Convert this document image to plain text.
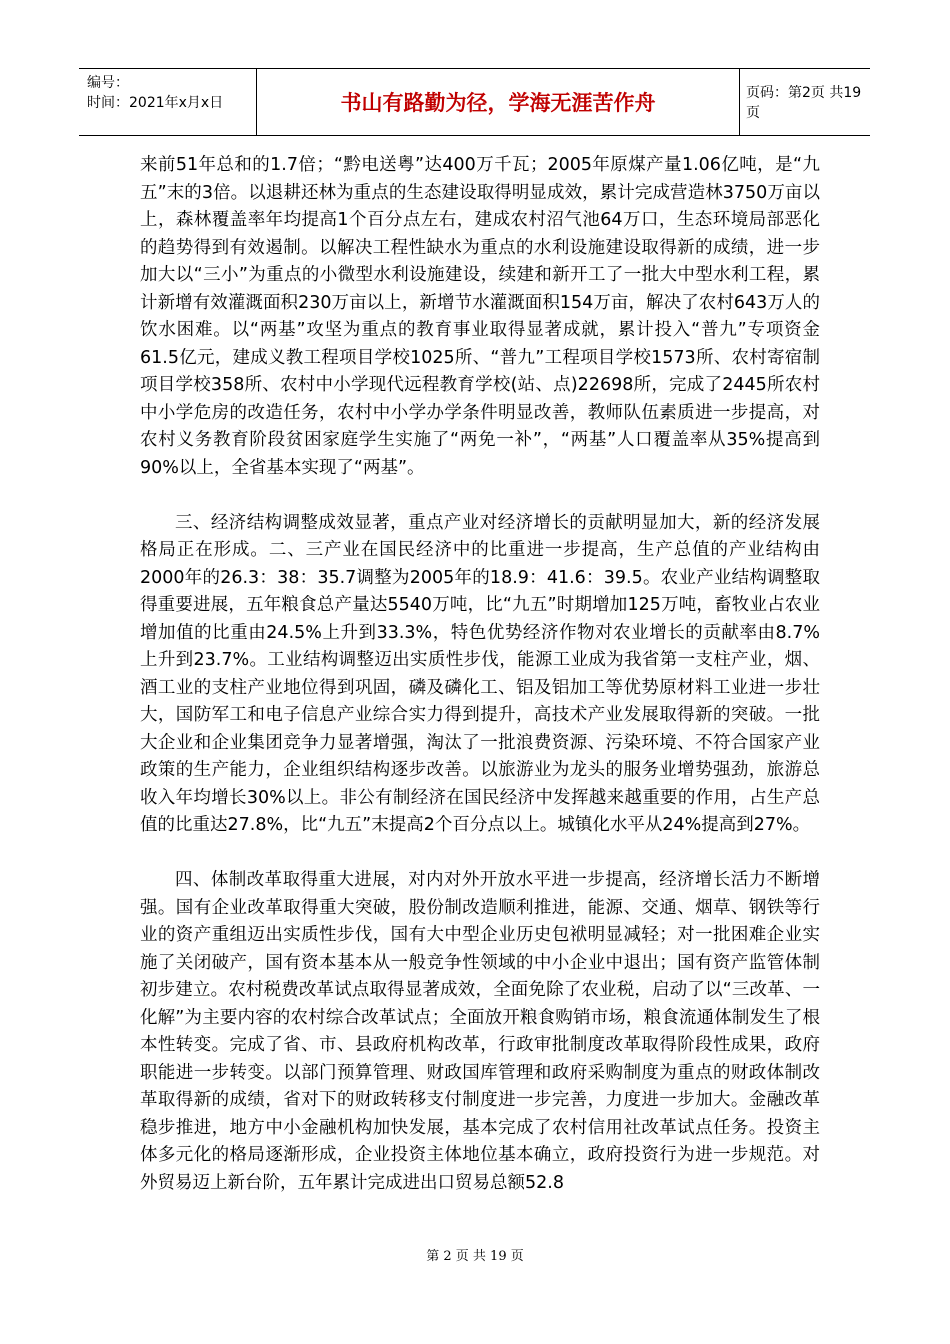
编号：
时间：2021年x月x日	书山有路勤为径，学海无涯苦作舟	页码：第2页 共19页

来前51年总和的1.7倍；“黔电送粤”达400万千瓦；2005年原煤产量1.06亿吨，是“九五”末的3倍。以退耕还林为重点的生态建设取得明显成效，累计完成营造林3750万亩以上，森林覆盖率年均提高1个百分点左右，建成农村沼气池64万口，生态环境局部恶化的趋势得到有效遏制。以解决工程性缺水为重点的水利设施建设取得新的成绩，进一步加大以“三小”为重点的小微型水利设施建设，续建和新开工了一批大中型水利工程，累计新增有效灌溉面积230万亩以上，新增节水灌溉面积154万亩，解决了农村643万人的饮水困难。以“两基”攻坚为重点的教育事业取得显著成就，累计投入“普九”专项资金61.5亿元，建成义教工程项目学校1025所、“普九”工程项目学校1573所、农村寄宿制项目学校358所、农村中小学现代远程教育学校(站、点)22698所，完成了2445所农村中小学危房的改造任务，农村中小学办学条件明显改善，教师队伍素质进一步提高，对农村义务教育阶段贫困家庭学生实施了“两免一补”，“两基”人口覆盖率从35%提高到90%以上，全省基本实现了“两基”。

三、经济结构调整成效显著，重点产业对经济增长的贡献明显加大，新的经济发展格局正在形成。二、三产业在国民经济中的比重进一步提高，生产总值的产业结构由2000年的26.3：38：35.7调整为2005年的18.9：41.6：39.5。农业产业结构调整取得重要进展，五年粮食总产量达5540万吨，比“九五”时期增加125万吨，畜牧业占农业增加值的比重由24.5%上升到33.3%，特色优势经济作物对农业增长的贡献率由8.7%上升到23.7%。工业结构调整迈出实质性步伐，能源工业成为我省第一支柱产业，烟、酒工业的支柱产业地位得到巩固，磷及磷化工、铝及铝加工等优势原材料工业进一步壮大，国防军工和电子信息产业综合实力得到提升，高技术产业发展取得新的突破。一批大企业和企业集团竞争力显著增强，淘汰了一批浪费资源、污染环境、不符合国家产业政策的生产能力，企业组织结构逐步改善。以旅游业为龙头的服务业增势强劲，旅游总收入年均增长30%以上。非公有制经济在国民经济中发挥越来越重要的作用，占生产总值的比重达27.8%，比“九五”末提高2个百分点以上。城镇化水平从24%提高到27%。

四、体制改革取得重大进展，对内对外开放水平进一步提高，经济增长活力不断增强。国有企业改革取得重大突破，股份制改造顺利推进，能源、交通、烟草、钢铁等行业的资产重组迈出实质性步伐，国有大中型企业历史包袱明显减轻；对一批困难企业实施了关闭破产，国有资本基本从一般竞争性领域的中小企业中退出；国有资产监管体制初步建立。农村税费改革试点取得显著成效，全面免除了农业税，启动了以“三改革、一化解”为主要内容的农村综合改革试点；全面放开粮食购销市场，粮食流通体制发生了根本性转变。完成了省、市、县政府机构改革，行政审批制度改革取得阶段性成果，政府职能进一步转变。以部门预算管理、财政国库管理和政府采购制度为重点的财政体制改革取得新的成绩，省对下的财政转移支付制度进一步完善，力度进一步加大。金融改革稳步推进，地方中小金融机构加快发展，基本完成了农村信用社改革试点任务。投资主体多元化的格局逐渐形成，企业投资主体地位基本确立，政府投资行为进一步规范。对外贸易迈上新台阶，五年累计完成进出口贸易总额52.8

第 2 页 共 19 页
